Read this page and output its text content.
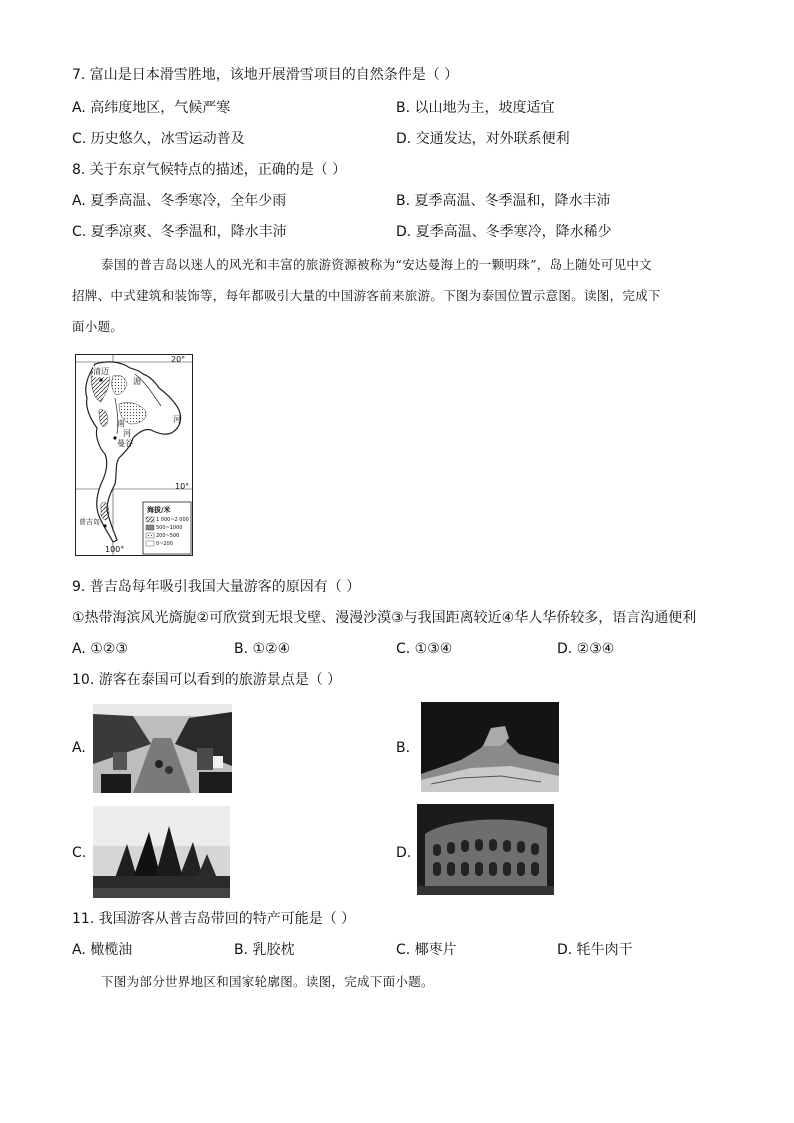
7. 富山是日本滑雪胜地，该地开展滑雪项目的自然条件是（ ）
A. 高纬度地区，气候严寒	B. 以山地为主，坡度适宜
C. 历史悠久，冰雪运动普及	D. 交通发达，对外联系便利
8. 关于东京气候特点的描述，正确的是（ ）
A. 夏季高温、冬季寒冷，全年少雨	B. 夏季高温、冬季温和，降水丰沛
C. 夏季凉爽、冬季温和，降水丰沛	D. 夏季高温、冬季寒冷，降水稀少
泰国的普吉岛以迷人的风光和丰富的旅游资源被称为“安达曼海上的一颗明珠”，岛上随处可见中文
招牌、中式建筑和装饰等，每年都吸引大量的中国游客前来旅游。下图为泰国位置示意图。读图，完成下
面小题。
20°
10°
100°
清迈
曼谷
普吉岛
湄
南	河
河
海拔/米
1 000~2 000
500~1000
200~500
0~200
9. 普吉岛每年吸引我国大量游客的原因有（ ）
①热带海滨风光旖旎②可欣赏到无垠戈壁、漫漫沙漠③与我国距离较近④华人华侨较多，语言沟通便利
A. ①②③	B. ①②④	C. ①③④	D. ②③④
10. 游客在泰国可以看到的旅游景点是（ ）
A.	B.
C.	D.
11. 我国游客从普吉岛带回的特产可能是（ ）
A. 橄榄油	B. 乳胶枕	C. 椰枣片	D. 牦牛肉干
下图为部分世界地区和国家轮廓图。读图，完成下面小题。
